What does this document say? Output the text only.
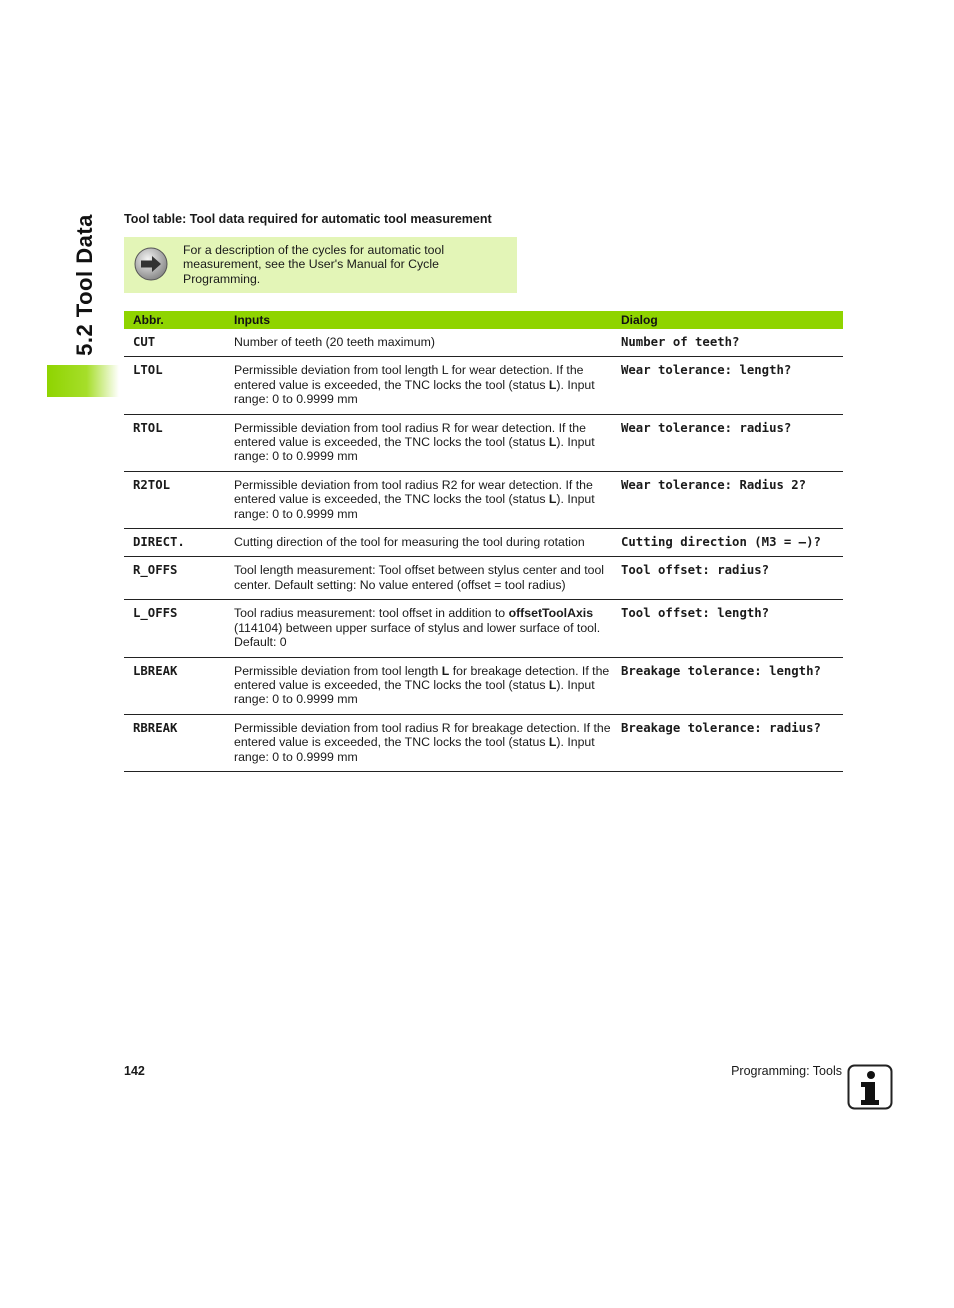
5.2 Tool Data Tool table: Tool data required for automatic tool measurement
For a description of the cycles for automatic tool measurement, see the User's Manual for Cycle Programming.
Abbr.	Inputs	Dialog
CUT	Number of teeth (20 teeth maximum)	Number of teeth?
LTOL	Permissible deviation from tool length L for wear detection. If the entered value is exceeded, the TNC locks the tool (status L). Input range: 0 to 0.9999 mm	Wear tolerance: length?
RTOL	Permissible deviation from tool radius R for wear detection. If the entered value is exceeded, the TNC locks the tool (status L). Input range: 0 to 0.9999 mm	Wear tolerance: radius?
R2TOL	Permissible deviation from tool radius R2 for wear detection. If the entered value is exceeded, the TNC locks the tool (status L). Input range: 0 to 0.9999 mm	Wear tolerance: Radius 2?
DIRECT.	Cutting direction of the tool for measuring the tool during rotation	Cutting direction (M3 = –)?
R_OFFS	Tool length measurement: Tool offset between stylus center and tool center. Default setting: No value entered (offset = tool radius)	Tool offset: radius?
L_OFFS	Tool radius measurement: tool offset in addition to offsetToolAxis (114104) between upper surface of stylus and lower surface of tool. Default: 0	Tool offset: length?
LBREAK	Permissible deviation from tool length L for breakage detection. If the entered value is exceeded, the TNC locks the tool (status L). Input range: 0 to 0.9999 mm	Breakage tolerance: length?
RBREAK	Permissible deviation from tool radius R for breakage detection. If the entered value is exceeded, the TNC locks the tool (status L). Input range: 0 to 0.9999 mm	Breakage tolerance: radius?
142	Programming: Tools
